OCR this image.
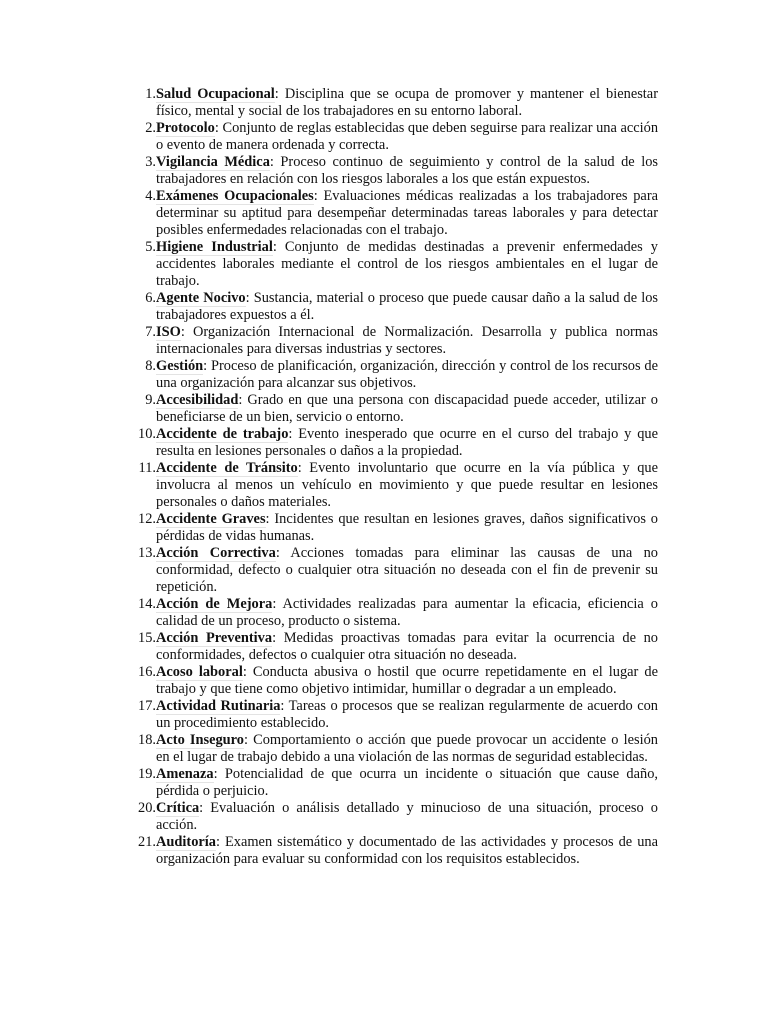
1. Salud Ocupacional: Disciplina que se ocupa de promover y mantener el bienestar físico, mental y social de los trabajadores en su entorno laboral.
2. Protocolo: Conjunto de reglas establecidas que deben seguirse para realizar una acción o evento de manera ordenada y correcta.
3. Vigilancia Médica: Proceso continuo de seguimiento y control de la salud de los trabajadores en relación con los riesgos laborales a los que están expuestos.
4. Exámenes Ocupacionales: Evaluaciones médicas realizadas a los trabajadores para determinar su aptitud para desempeñar determinadas tareas laborales y para detectar posibles enfermedades relacionadas con el trabajo.
5. Higiene Industrial: Conjunto de medidas destinadas a prevenir enfermedades y accidentes laborales mediante el control de los riesgos ambientales en el lugar de trabajo.
6. Agente Nocivo: Sustancia, material o proceso que puede causar daño a la salud de los trabajadores expuestos a él.
7. ISO: Organización Internacional de Normalización. Desarrolla y publica normas internacionales para diversas industrias y sectores.
8. Gestión: Proceso de planificación, organización, dirección y control de los recursos de una organización para alcanzar sus objetivos.
9. Accesibilidad: Grado en que una persona con discapacidad puede acceder, utilizar o beneficiarse de un bien, servicio o entorno.
10. Accidente de trabajo: Evento inesperado que ocurre en el curso del trabajo y que resulta en lesiones personales o daños a la propiedad.
11. Accidente de Tránsito: Evento involuntario que ocurre en la vía pública y que involucra al menos un vehículo en movimiento y que puede resultar en lesiones personales o daños materiales.
12. Accidente Graves: Incidentes que resultan en lesiones graves, daños significativos o pérdidas de vidas humanas.
13. Acción Correctiva: Acciones tomadas para eliminar las causas de una no conformidad, defecto o cualquier otra situación no deseada con el fin de prevenir su repetición.
14. Acción de Mejora: Actividades realizadas para aumentar la eficacia, eficiencia o calidad de un proceso, producto o sistema.
15. Acción Preventiva: Medidas proactivas tomadas para evitar la ocurrencia de no conformidades, defectos o cualquier otra situación no deseada.
16. Acoso laboral: Conducta abusiva o hostil que ocurre repetidamente en el lugar de trabajo y que tiene como objetivo intimidar, humillar o degradar a un empleado.
17. Actividad Rutinaria: Tareas o procesos que se realizan regularmente de acuerdo con un procedimiento establecido.
18. Acto Inseguro: Comportamiento o acción que puede provocar un accidente o lesión en el lugar de trabajo debido a una violación de las normas de seguridad establecidas.
19. Amenaza: Potencialidad de que ocurra un incidente o situación que cause daño, pérdida o perjuicio.
20. Crítica: Evaluación o análisis detallado y minucioso de una situación, proceso o acción.
21. Auditoría: Examen sistemático y documentado de las actividades y procesos de una organización para evaluar su conformidad con los requisitos establecidos.
